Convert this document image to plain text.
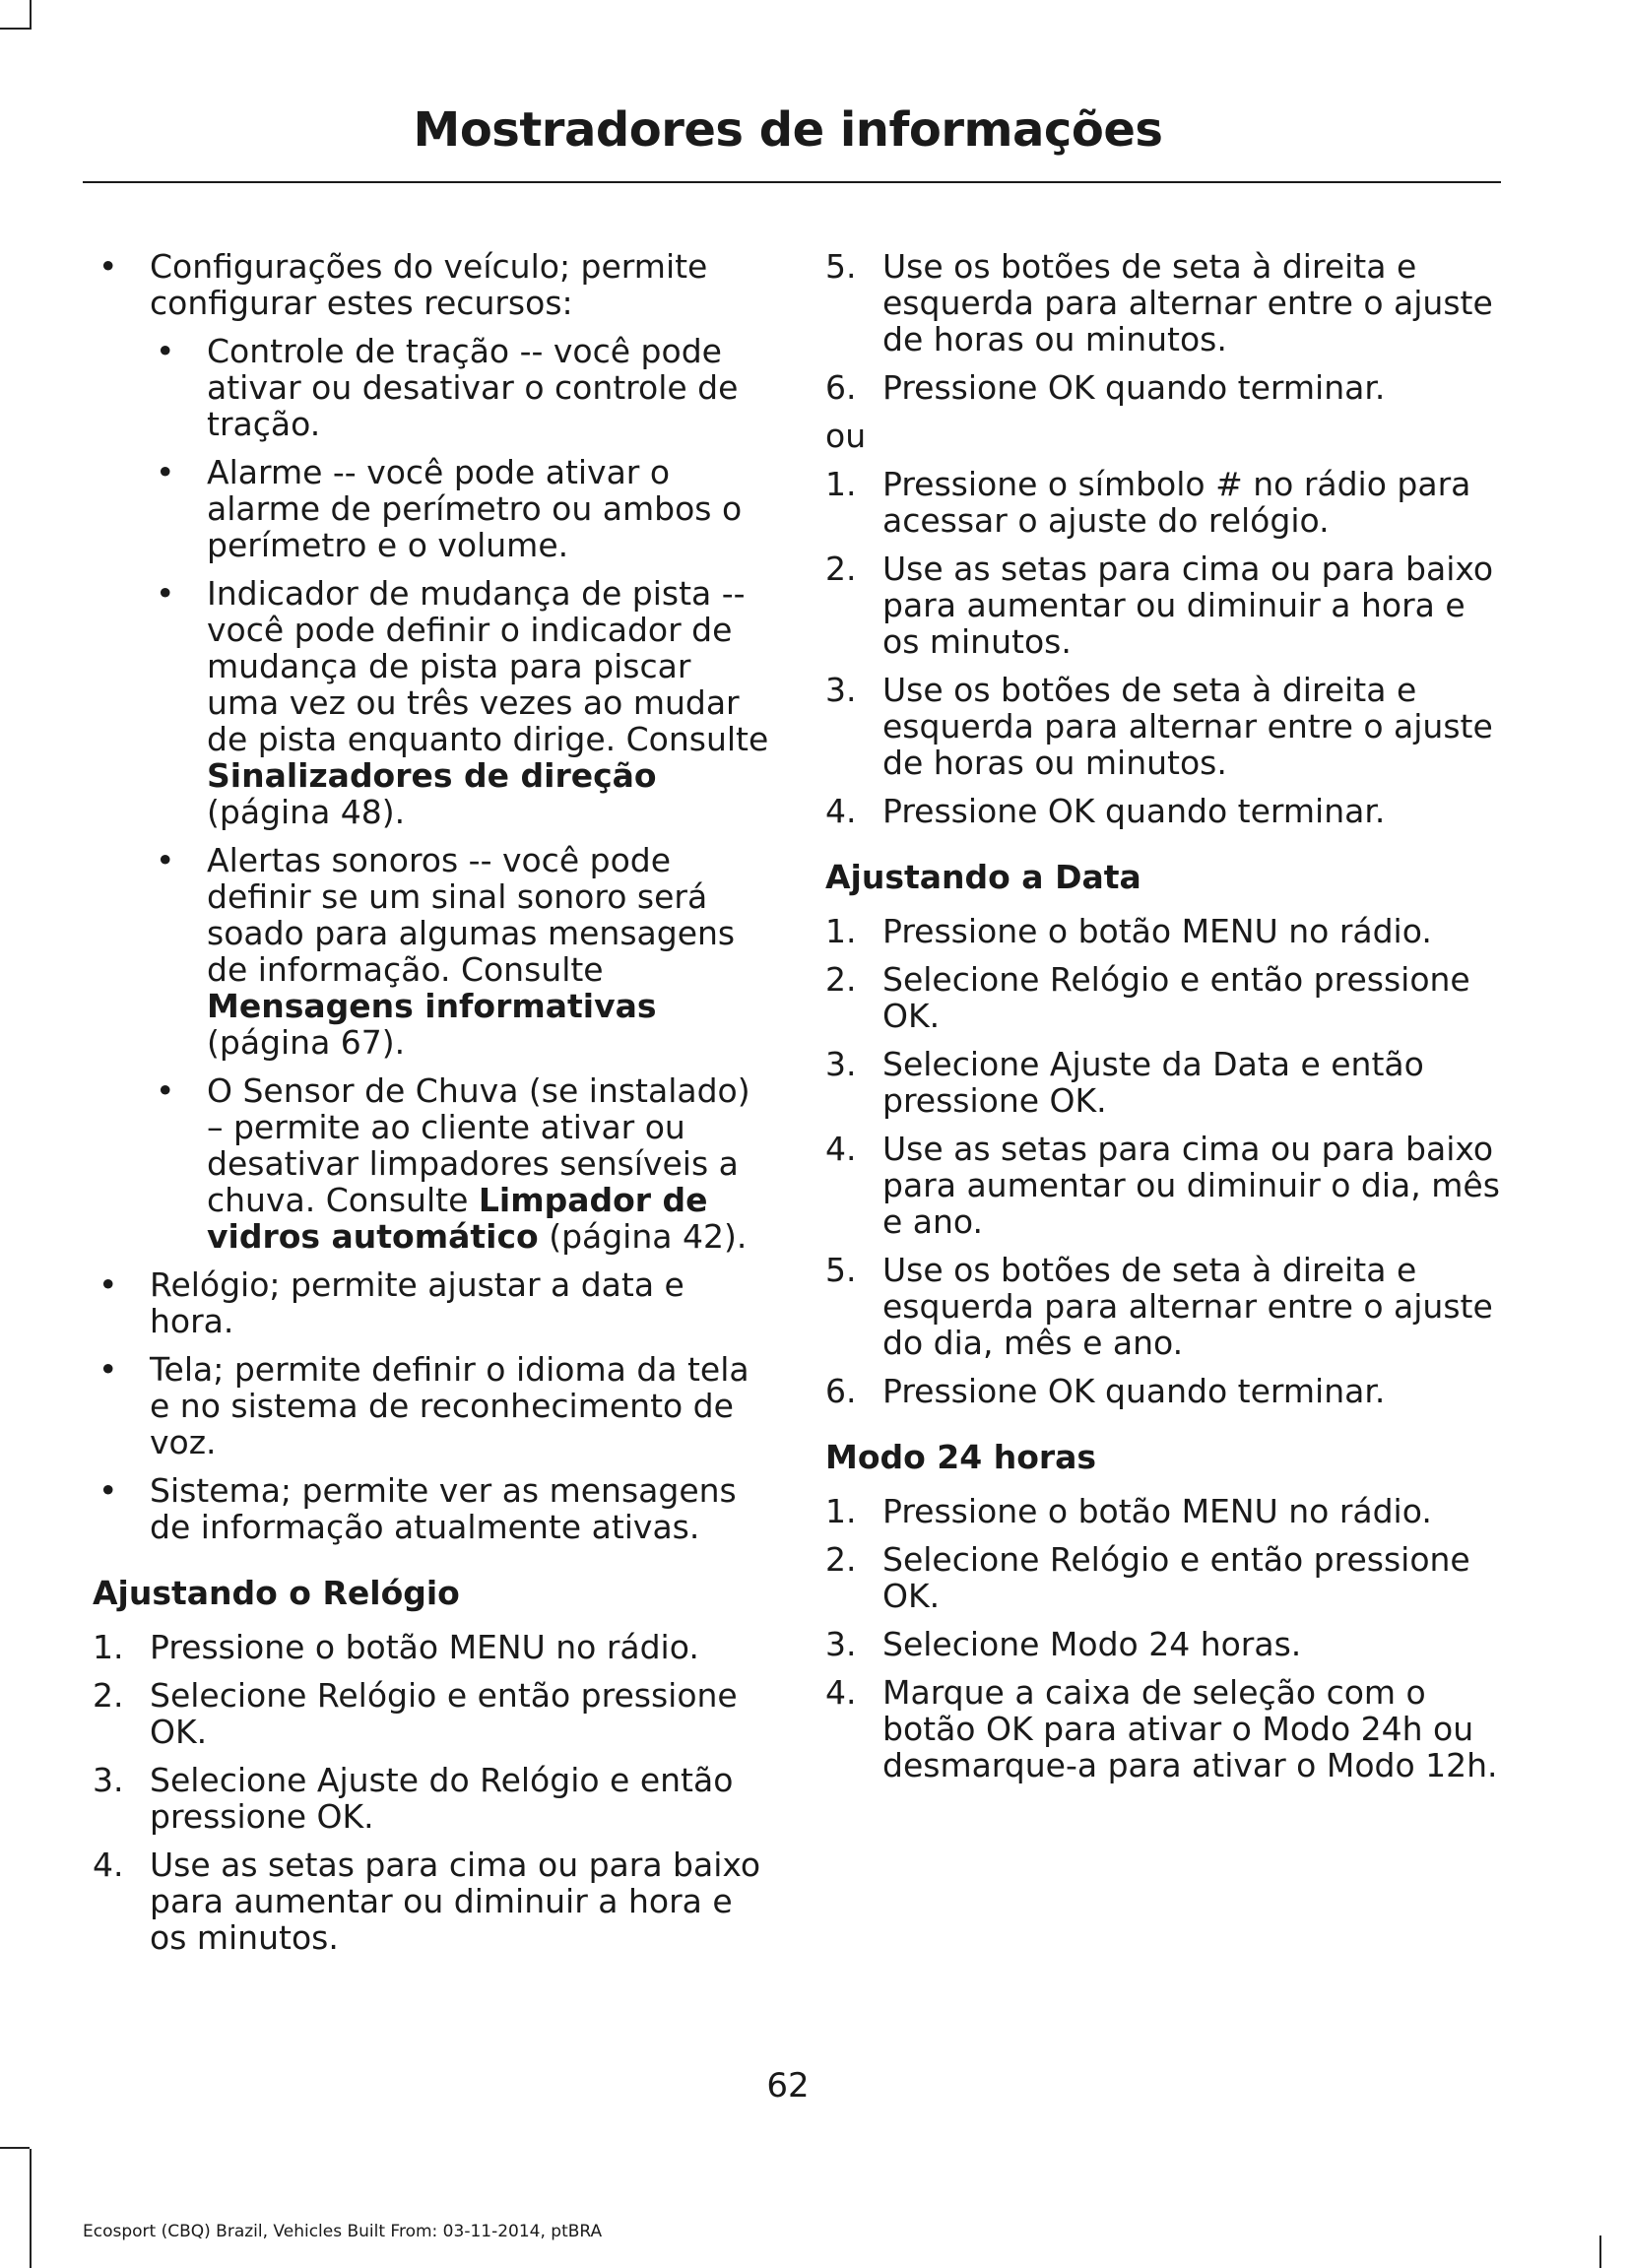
Mostradores de informações
• Configurações do veículo; permite configurar estes recursos:
• Controle de tração -- você pode ativar ou desativar o controle de tração.
• Alarme -- você pode ativar o alarme de perímetro ou ambos o perímetro e o volume.
• Indicador de mudança de pista -- você pode definir o indicador de mudança de pista para piscar uma vez ou três vezes ao mudar de pista enquanto dirige. Consulte Sinalizadores de direção (página 48).
• Alertas sonoros -- você pode definir se um sinal sonoro será soado para algumas mensagens de informação. Consulte Mensagens informativas (página 67).
• O Sensor de Chuva (se instalado) – permite ao cliente ativar ou desativar limpadores sensíveis a chuva. Consulte Limpador de vidros automático (página 42).
• Relógio; permite ajustar a data e hora.
• Tela; permite definir o idioma da tela e no sistema de reconhecimento de voz.
• Sistema; permite ver as mensagens de informação atualmente ativas.
Ajustando o Relógio
1. Pressione o botão MENU no rádio.
2. Selecione Relógio e então pressione OK.
3. Selecione Ajuste do Relógio e então pressione OK.
4. Use as setas para cima ou para baixo para aumentar ou diminuir a hora e os minutos.
5. Use os botões de seta à direita e esquerda para alternar entre o ajuste de horas ou minutos.
6. Pressione OK quando terminar.
ou
1. Pressione o símbolo # no rádio para acessar o ajuste do relógio.
2. Use as setas para cima ou para baixo para aumentar ou diminuir a hora e os minutos.
3. Use os botões de seta à direita e esquerda para alternar entre o ajuste de horas ou minutos.
4. Pressione OK quando terminar.
Ajustando a Data
1. Pressione o botão MENU no rádio.
2. Selecione Relógio e então pressione OK.
3. Selecione Ajuste da Data e então pressione OK.
4. Use as setas para cima ou para baixo para aumentar ou diminuir o dia, mês e ano.
5. Use os botões de seta à direita e esquerda para alternar entre o ajuste do dia, mês e ano.
6. Pressione OK quando terminar.
Modo 24 horas
1. Pressione o botão MENU no rádio.
2. Selecione Relógio e então pressione OK.
3. Selecione Modo 24 horas.
4. Marque a caixa de seleção com o botão OK para ativar o Modo 24h ou desmarque-a para ativar o Modo 12h.
62
Ecosport (CBQ) Brazil, Vehicles Built From: 03-11-2014, ptBRA
